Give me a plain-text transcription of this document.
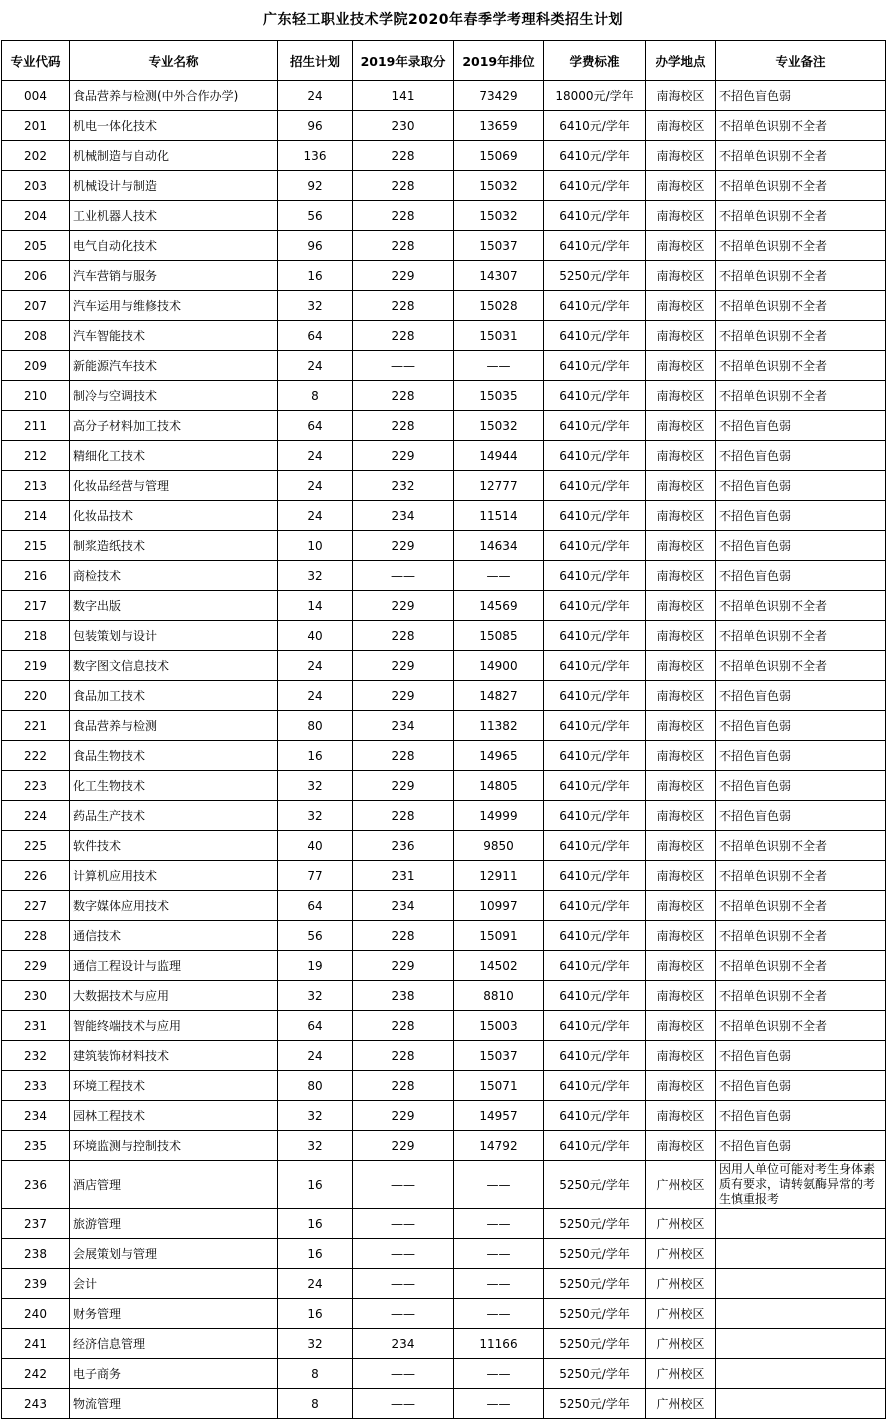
广东轻工职业技术学院2020年春季学考理科类招生计划
专业代码	专业名称	招生计划	2019年录取分	2019年排位	学费标准	办学地点	专业备注
004	食品营养与检测(中外合作办学)	24	141	73429	18000元/学年	南海校区	不招色盲色弱
201	机电一体化技术	96	230	13659	6410元/学年	南海校区	不招单色识别不全者
202	机械制造与自动化	136	228	15069	6410元/学年	南海校区	不招单色识别不全者
203	机械设计与制造	92	228	15032	6410元/学年	南海校区	不招单色识别不全者
204	工业机器人技术	56	228	15032	6410元/学年	南海校区	不招单色识别不全者
205	电气自动化技术	96	228	15037	6410元/学年	南海校区	不招单色识别不全者
206	汽车营销与服务	16	229	14307	5250元/学年	南海校区	不招单色识别不全者
207	汽车运用与维修技术	32	228	15028	6410元/学年	南海校区	不招单色识别不全者
208	汽车智能技术	64	228	15031	6410元/学年	南海校区	不招单色识别不全者
209	新能源汽车技术	24	——	——	6410元/学年	南海校区	不招单色识别不全者
210	制冷与空调技术	8	228	15035	6410元/学年	南海校区	不招单色识别不全者
211	高分子材料加工技术	64	228	15032	6410元/学年	南海校区	不招色盲色弱
212	精细化工技术	24	229	14944	6410元/学年	南海校区	不招色盲色弱
213	化妆品经营与管理	24	232	12777	6410元/学年	南海校区	不招色盲色弱
214	化妆品技术	24	234	11514	6410元/学年	南海校区	不招色盲色弱
215	制浆造纸技术	10	229	14634	6410元/学年	南海校区	不招色盲色弱
216	商检技术	32	——	——	6410元/学年	南海校区	不招色盲色弱
217	数字出版	14	229	14569	6410元/学年	南海校区	不招单色识别不全者
218	包装策划与设计	40	228	15085	6410元/学年	南海校区	不招单色识别不全者
219	数字图文信息技术	24	229	14900	6410元/学年	南海校区	不招单色识别不全者
220	食品加工技术	24	229	14827	6410元/学年	南海校区	不招色盲色弱
221	食品营养与检测	80	234	11382	6410元/学年	南海校区	不招色盲色弱
222	食品生物技术	16	228	14965	6410元/学年	南海校区	不招色盲色弱
223	化工生物技术	32	229	14805	6410元/学年	南海校区	不招色盲色弱
224	药品生产技术	32	228	14999	6410元/学年	南海校区	不招色盲色弱
225	软件技术	40	236	9850	6410元/学年	南海校区	不招单色识别不全者
226	计算机应用技术	77	231	12911	6410元/学年	南海校区	不招单色识别不全者
227	数字媒体应用技术	64	234	10997	6410元/学年	南海校区	不招单色识别不全者
228	通信技术	56	228	15091	6410元/学年	南海校区	不招单色识别不全者
229	通信工程设计与监理	19	229	14502	6410元/学年	南海校区	不招单色识别不全者
230	大数据技术与应用	32	238	8810	6410元/学年	南海校区	不招单色识别不全者
231	智能终端技术与应用	64	228	15003	6410元/学年	南海校区	不招单色识别不全者
232	建筑装饰材料技术	24	228	15037	6410元/学年	南海校区	不招色盲色弱
233	环境工程技术	80	228	15071	6410元/学年	南海校区	不招色盲色弱
234	园林工程技术	32	229	14957	6410元/学年	南海校区	不招色盲色弱
235	环境监测与控制技术	32	229	14792	6410元/学年	南海校区	不招色盲色弱
236	酒店管理	16	——	——	5250元/学年	广州校区	因用人单位可能对考生身体素质有要求，请转氨酶异常的考生慎重报考
237	旅游管理	16	——	——	5250元/学年	广州校区	
238	会展策划与管理	16	——	——	5250元/学年	广州校区	
239	会计	24	——	——	5250元/学年	广州校区	
240	财务管理	16	——	——	5250元/学年	广州校区	
241	经济信息管理	32	234	11166	5250元/学年	广州校区	
242	电子商务	8	——	——	5250元/学年	广州校区	
243	物流管理	8	——	——	5250元/学年	广州校区	
